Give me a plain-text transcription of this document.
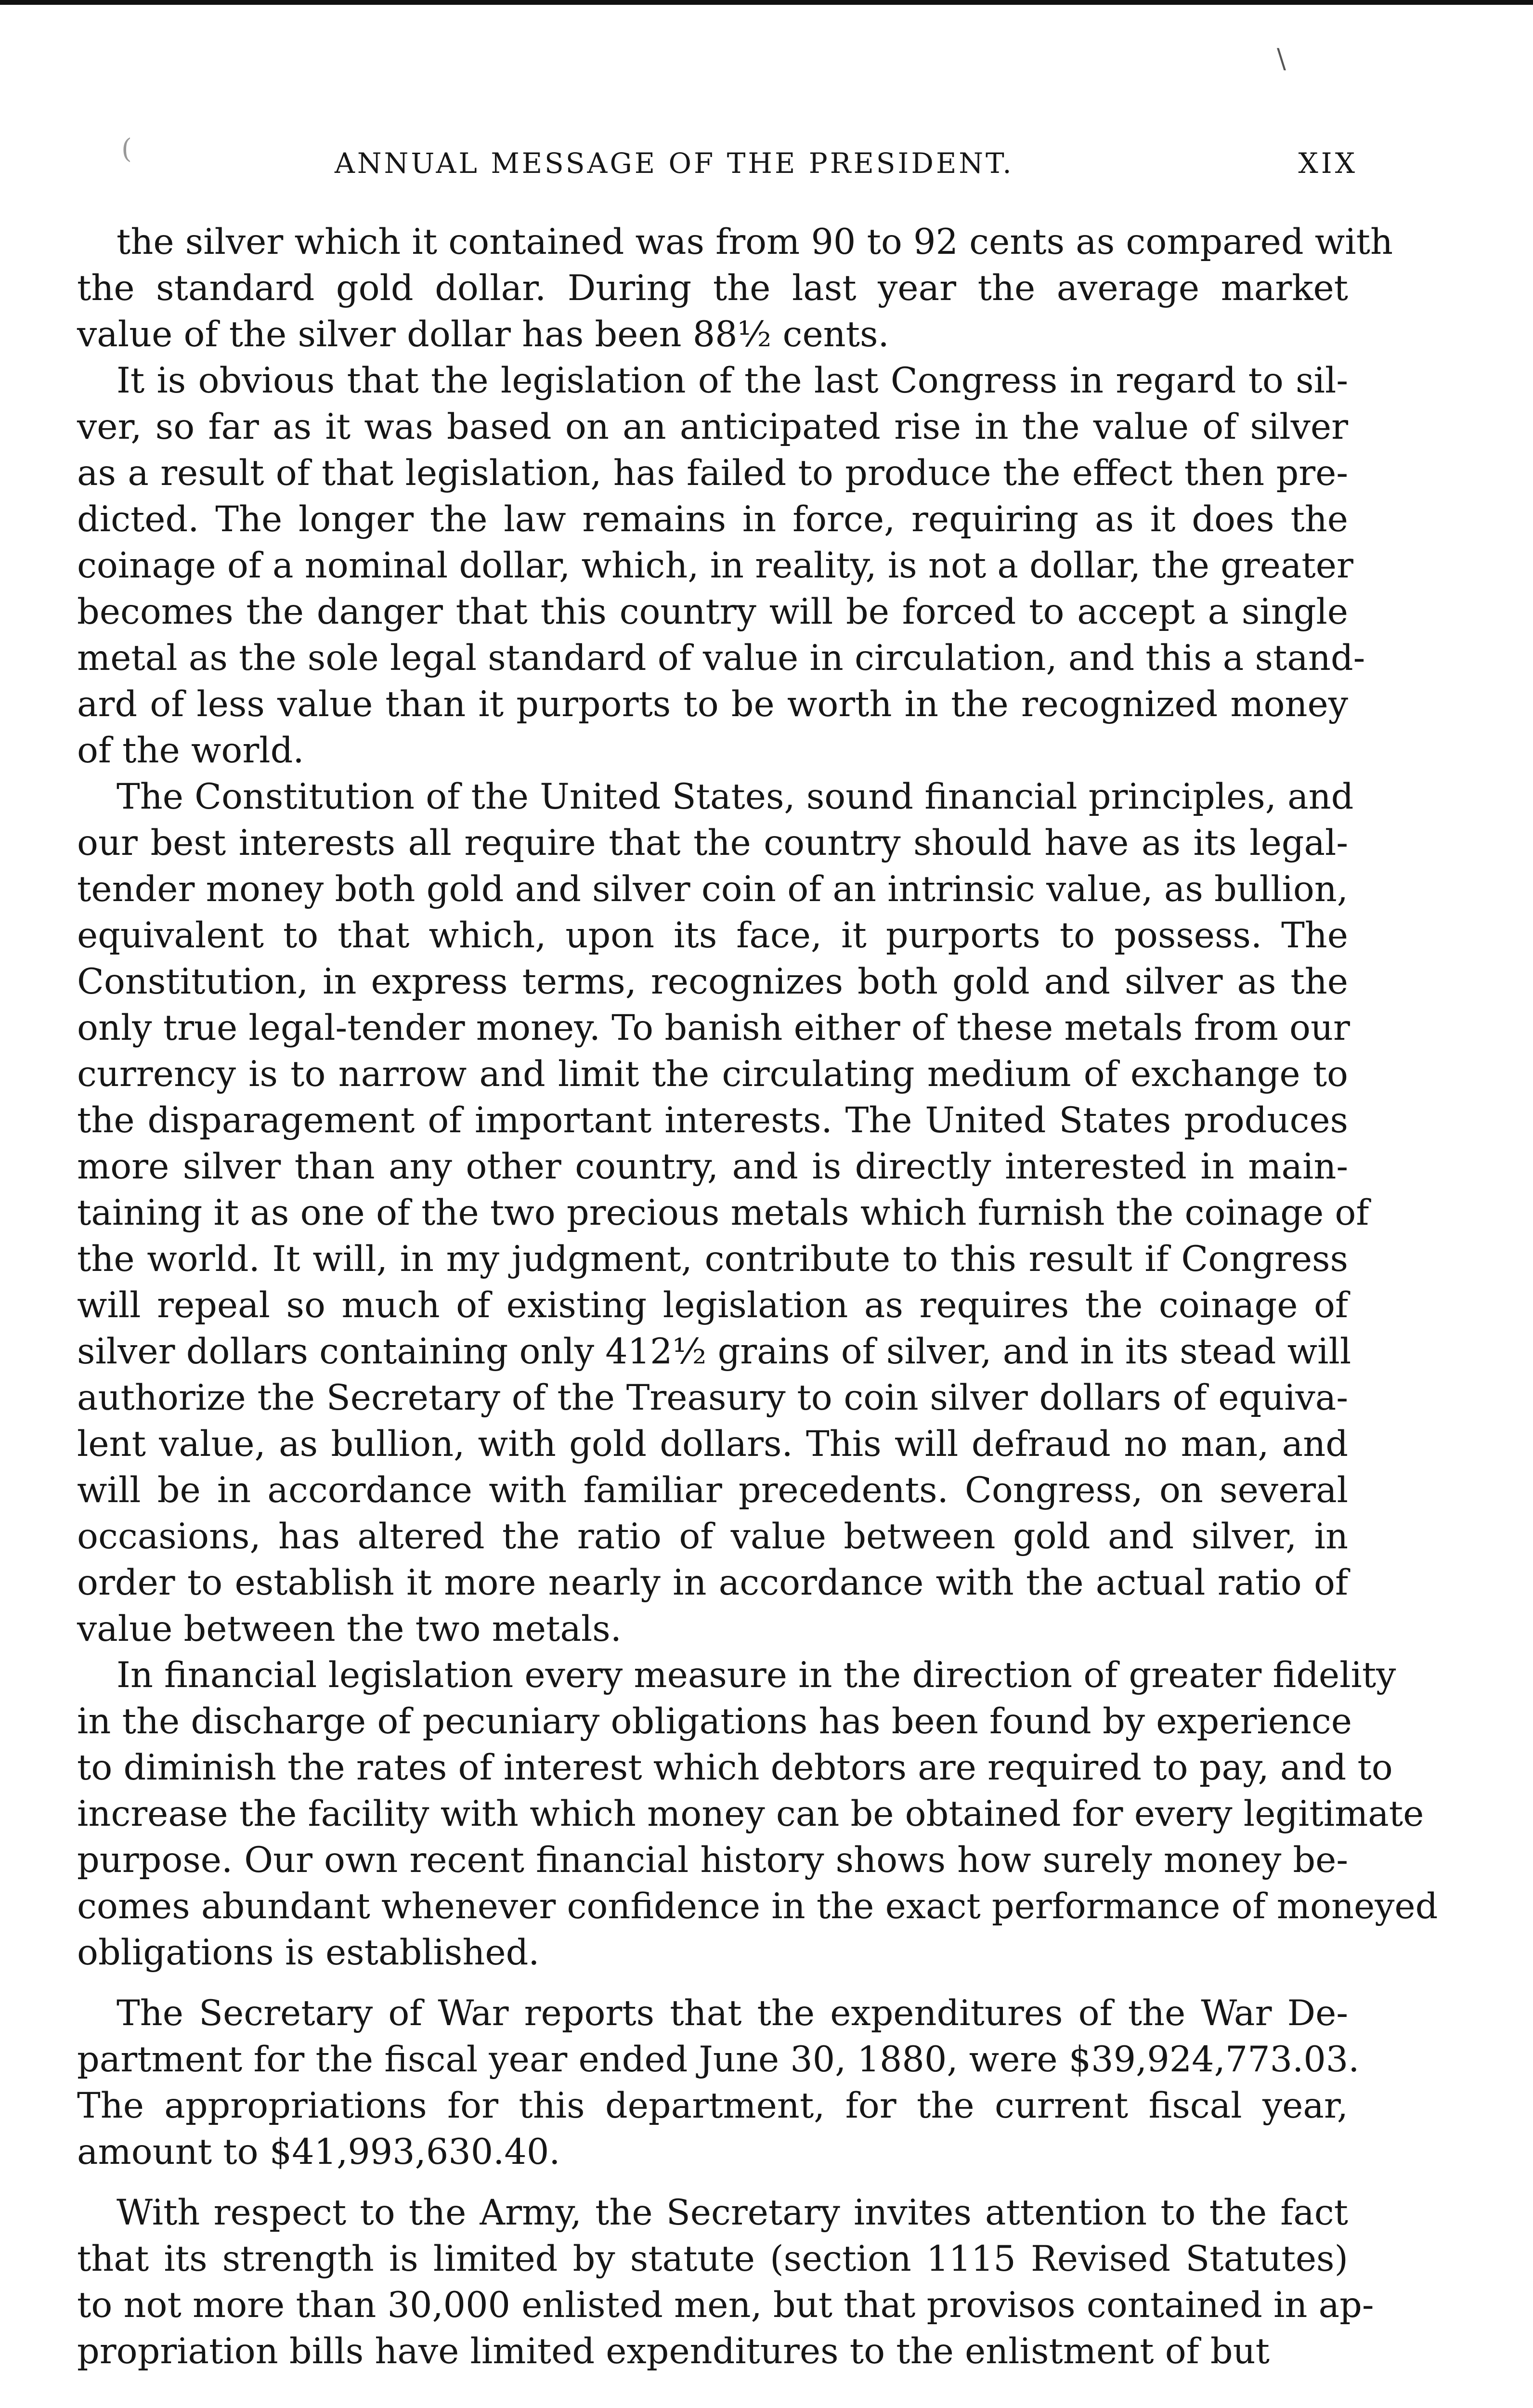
\
(	ANNUAL MESSAGE OF THE PRESIDENT.	XIX
the silver which it contained was from 90 to 92 cents as compared with
the standard gold dollar. During the last year the average market
value of the silver dollar has been 88½ cents.
It is obvious that the legislation of the last Congress in regard to sil-
ver, so far as it was based on an anticipated rise in the value of silver
as a result of that legislation, has failed to produce the effect then pre-
dicted. The longer the law remains in force, requiring as it does the
coinage of a nominal dollar, which, in reality, is not a dollar, the greater
becomes the danger that this country will be forced to accept a single
metal as the sole legal standard of value in circulation, and this a stand-
ard of less value than it purports to be worth in the recognized money
of the world.
The Constitution of the United States, sound financial principles, and
our best interests all require that the country should have as its legal-
tender money both gold and silver coin of an intrinsic value, as bullion,
equivalent to that which, upon its face, it purports to possess. The
Constitution, in express terms, recognizes both gold and silver as the
only true legal-tender money. To banish either of these metals from our
currency is to narrow and limit the circulating medium of exchange to
the disparagement of important interests. The United States produces
more silver than any other country, and is directly interested in main-
taining it as one of the two precious metals which furnish the coinage of
the world. It will, in my judgment, contribute to this result if Congress
will repeal so much of existing legislation as requires the coinage of
silver dollars containing only 412½ grains of silver, and in its stead will
authorize the Secretary of the Treasury to coin silver dollars of equiva-
lent value, as bullion, with gold dollars. This will defraud no man, and
will be in accordance with familiar precedents. Congress, on several
occasions, has altered the ratio of value between gold and silver, in
order to establish it more nearly in accordance with the actual ratio of
value between the two metals.
In financial legislation every measure in the direction of greater fidelity
in the discharge of pecuniary obligations has been found by experience
to diminish the rates of interest which debtors are required to pay, and to
increase the facility with which money can be obtained for every legitimate
purpose. Our own recent financial history shows how surely money be-
comes abundant whenever confidence in the exact performance of moneyed
obligations is established.
The Secretary of War reports that the expenditures of the War De-
partment for the fiscal year ended June 30, 1880, were $39,924,773.03.
The appropriations for this department, for the current fiscal year,
amount to $41,993,630.40.
With respect to the Army, the Secretary invites attention to the fact
that its strength is limited by statute (section 1115 Revised Statutes)
to not more than 30,000 enlisted men, but that provisos contained in ap-
propriation bills have limited expenditures to the enlistment of but
